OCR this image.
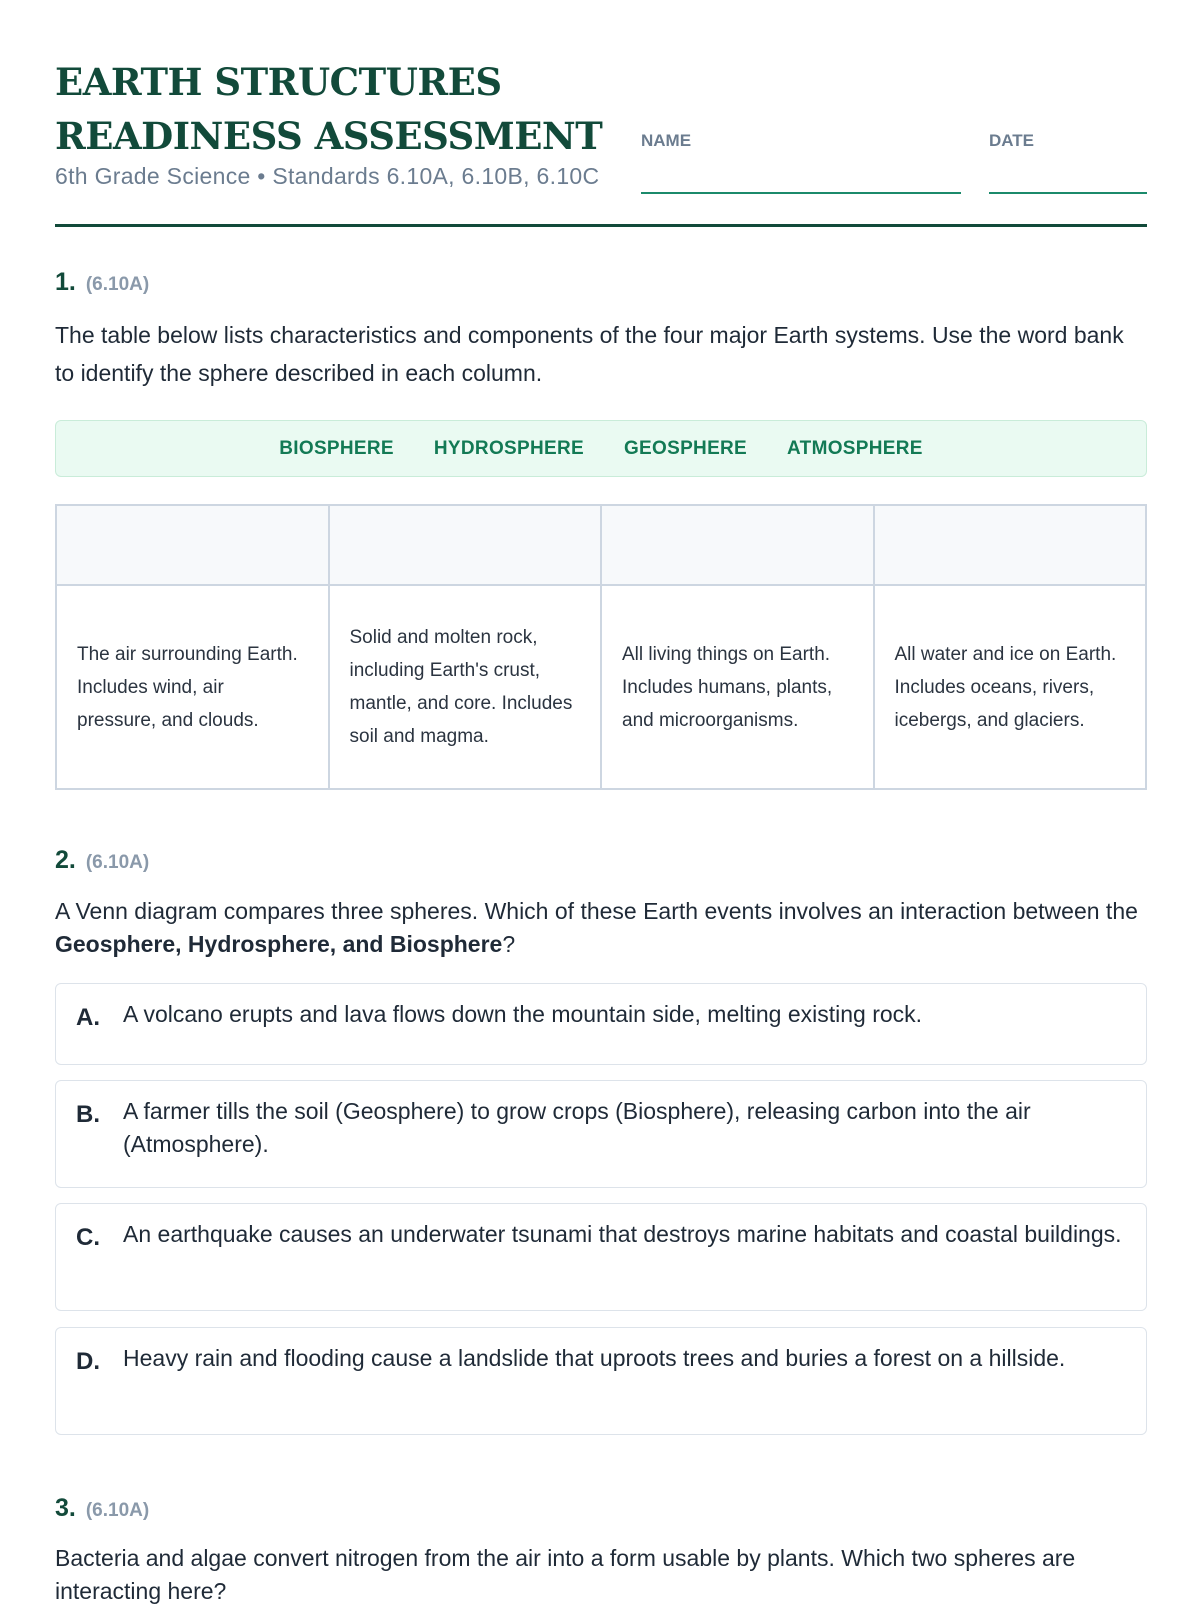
EARTH STRUCTURES
READINESS ASSESSMENT
6th Grade Science • Standards 6.10A, 6.10B, 6.10C
NAME	DATE
1. (6.10A)
The table below lists characteristics and components of the four major Earth systems. Use the word bank to identify the sphere described in each column.
BIOSPHERE HYDROSPHERE GEOSPHERE ATMOSPHERE

The air surrounding Earth. Includes wind, air pressure, and clouds.	Solid and molten rock, including Earth's crust, mantle, and core. Includes soil and magma.	All living things on Earth. Includes humans, plants, and microorganisms.	All water and ice on Earth. Includes oceans, rivers, icebergs, and glaciers.
2. (6.10A)
A Venn diagram compares three spheres. Which of these Earth events involves an interaction between the Geosphere, Hydrosphere, and Biosphere?
A.	A volcano erupts and lava flows down the mountain side, melting existing rock.
B.	A farmer tills the soil (Geosphere) to grow crops (Biosphere), releasing carbon into the air (Atmosphere).
C.	An earthquake causes an underwater tsunami that destroys marine habitats and coastal buildings.
D.	Heavy rain and flooding cause a landslide that uproots trees and buries a forest on a hillside.
3. (6.10A)
Bacteria and algae convert nitrogen from the air into a form usable by plants. Which two spheres are interacting here?
